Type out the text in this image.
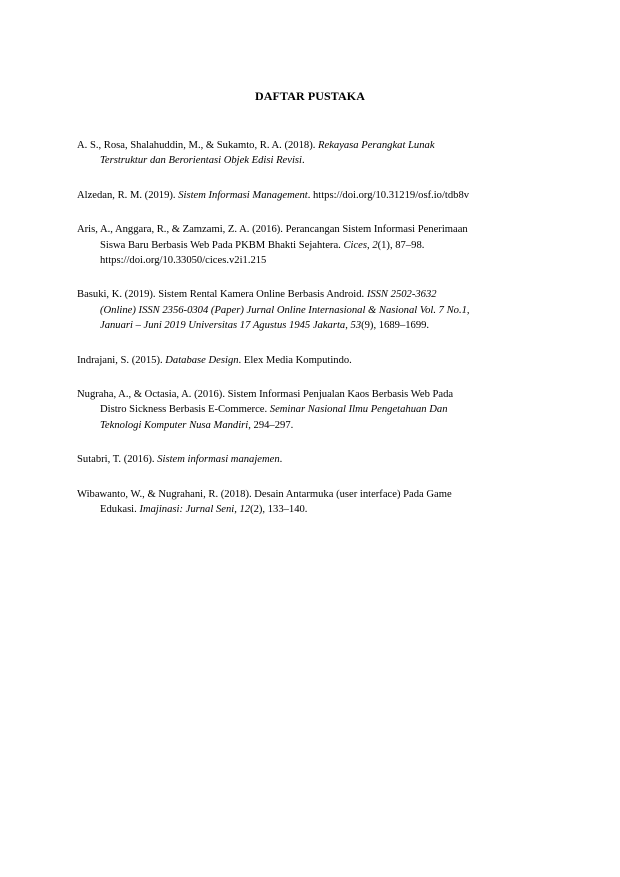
DAFTAR PUSTAKA
A. S., Rosa, Shalahuddin, M., & Sukamto, R. A. (2018). Rekayasa Perangkat Lunak
Terstruktur dan Berorientasi Objek Edisi Revisi.
Alzedan, R. M. (2019). Sistem Informasi Management. https://doi.org/10.31219/osf.io/tdb8v
Aris, A., Anggara, R., & Zamzami, Z. A. (2016). Perancangan Sistem Informasi Penerimaan
Siswa Baru Berbasis Web Pada PKBM Bhakti Sejahtera. Cices, 2(1), 87–98.
https://doi.org/10.33050/cices.v2i1.215
Basuki, K. (2019). Sistem Rental Kamera Online Berbasis Android. ISSN 2502-3632
(Online) ISSN 2356-0304 (Paper) Jurnal Online Internasional & Nasional Vol. 7 No.1,
Januari – Juni 2019 Universitas 17 Agustus 1945 Jakarta, 53(9), 1689–1699.
Indrajani, S. (2015). Database Design. Elex Media Komputindo.
Nugraha, A., & Octasia, A. (2016). Sistem Informasi Penjualan Kaos Berbasis Web Pada
Distro Sickness Berbasis E-Commerce. Seminar Nasional Ilmu Pengetahuan Dan
Teknologi Komputer Nusa Mandiri, 294–297.
Sutabri, T. (2016). Sistem informasi manajemen.
Wibawanto, W., & Nugrahani, R. (2018). Desain Antarmuka (user interface) Pada Game
Edukasi. Imajinasi: Jurnal Seni, 12(2), 133–140.
